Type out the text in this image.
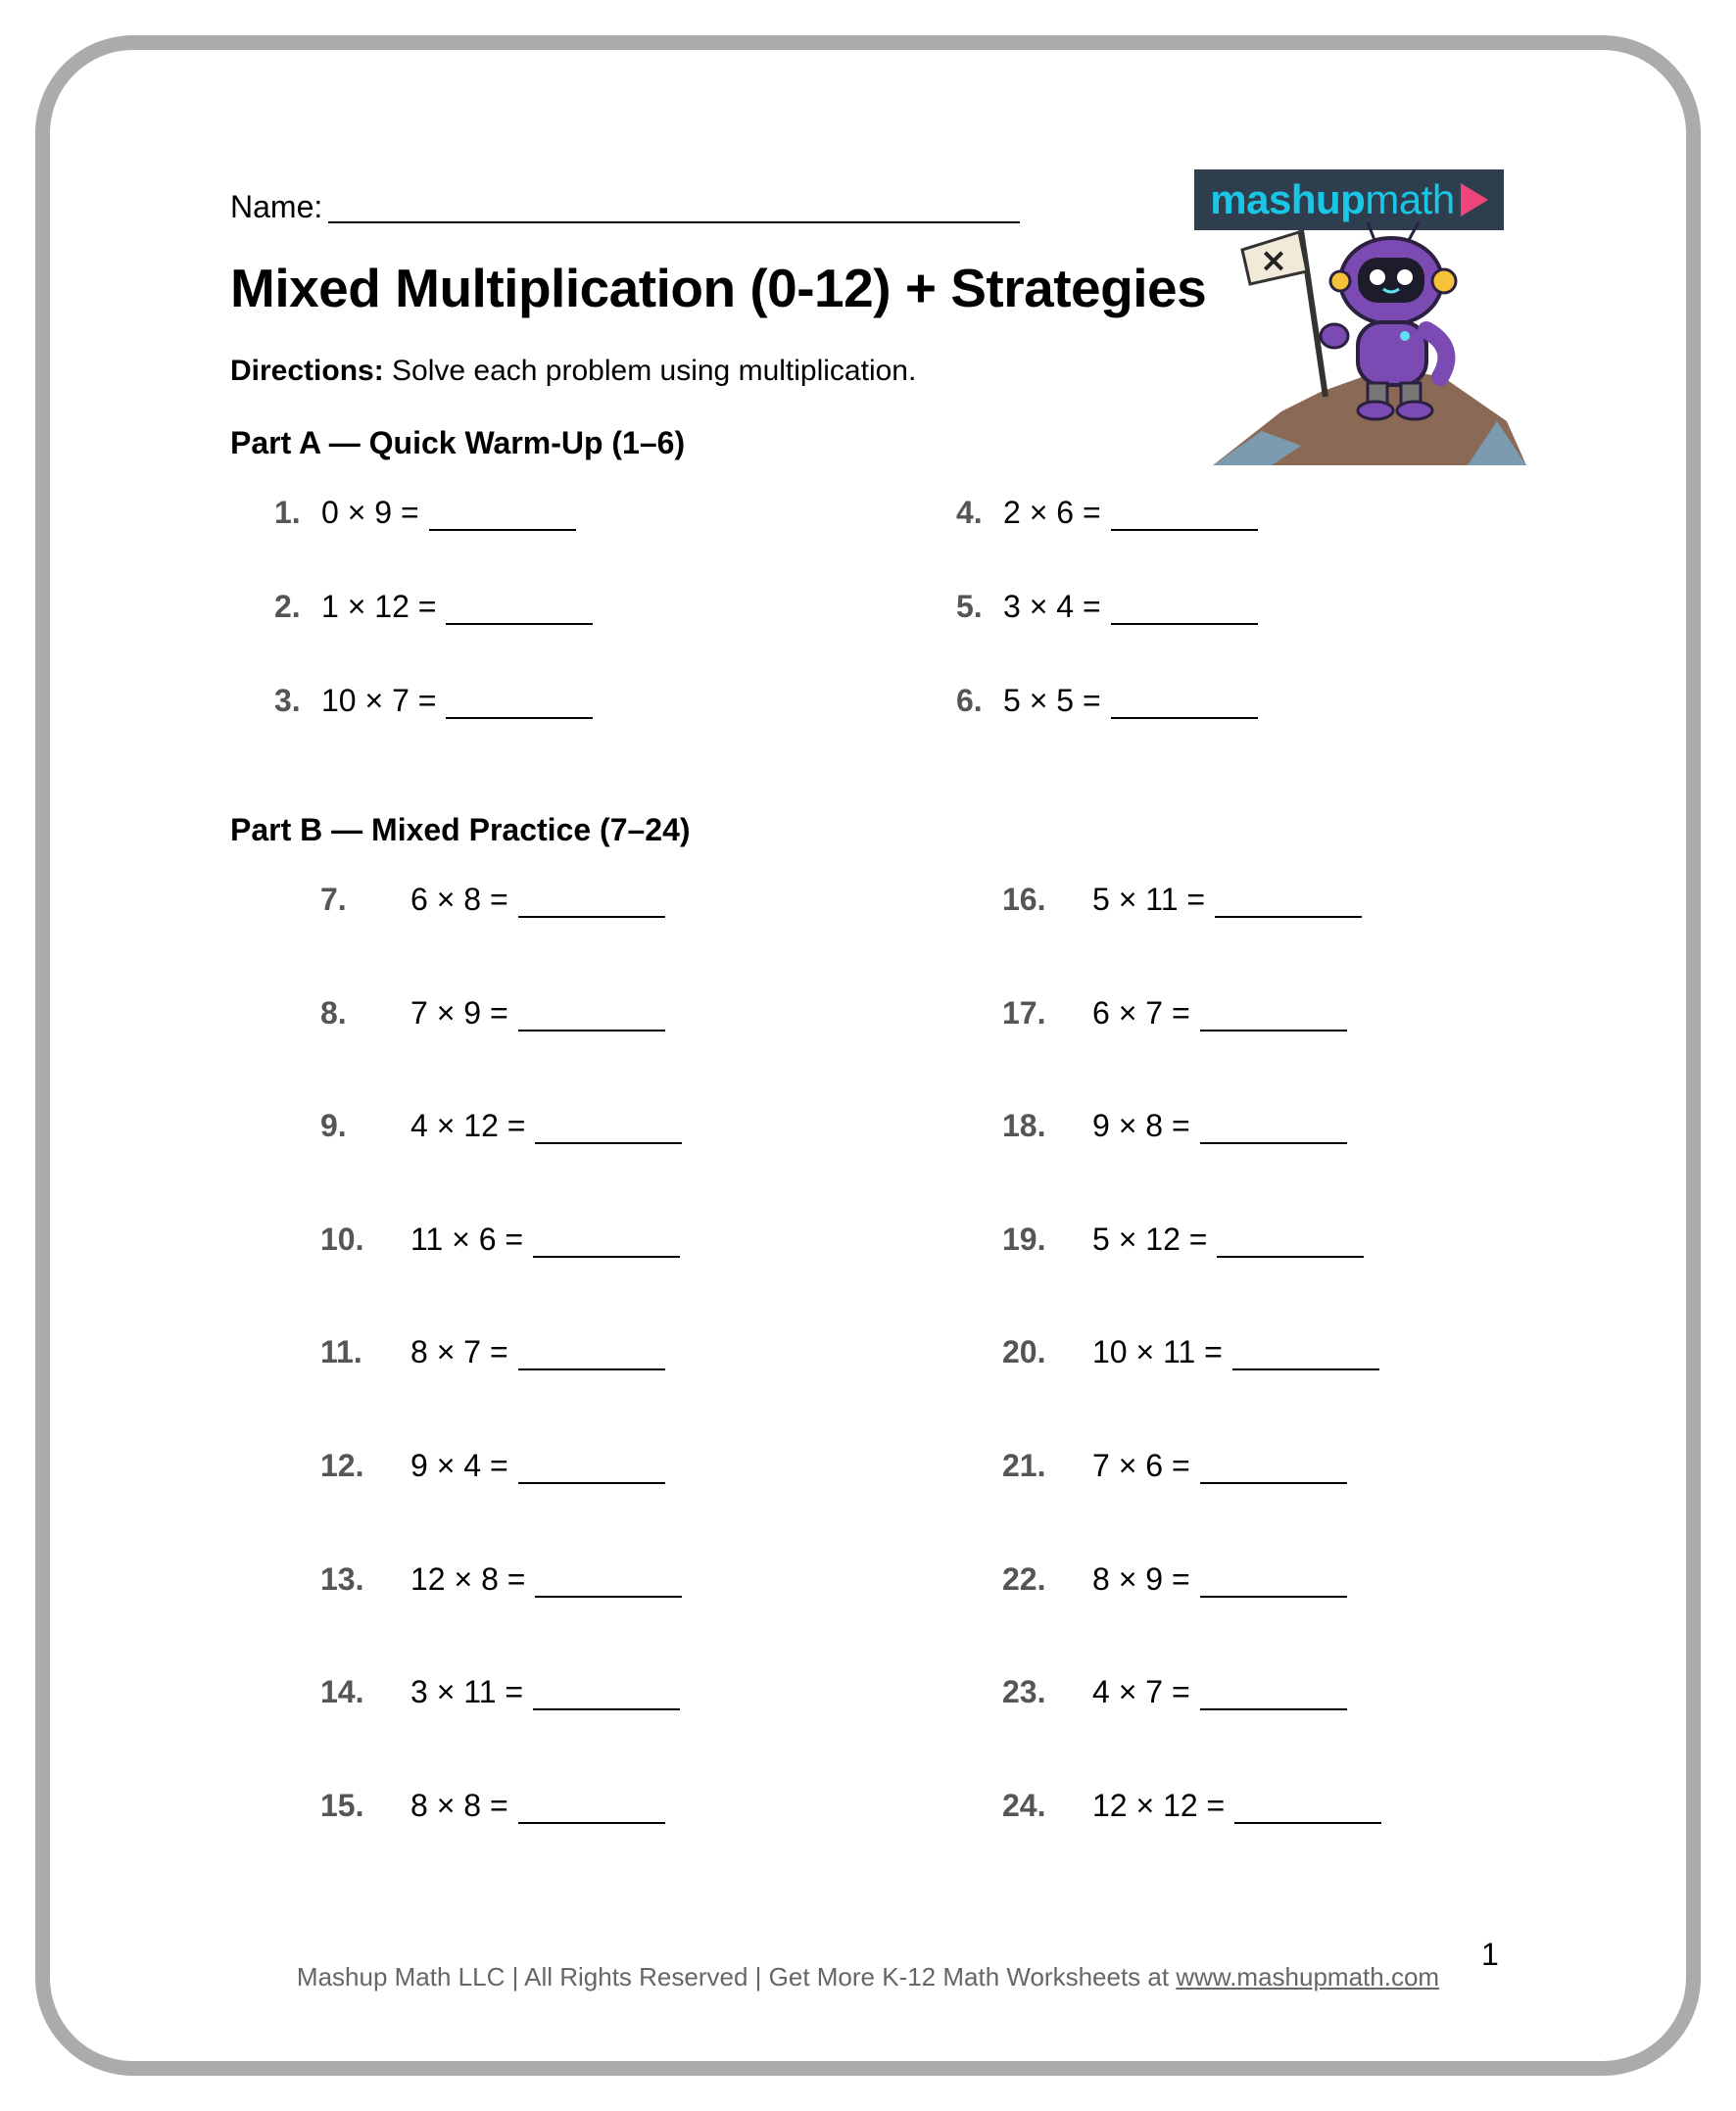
Name:	mashupmath
×
Mixed Multiplication (0-12) + Strategies
Directions: Solve each problem using multiplication.
Part A — Quick Warm-Up (1–6)
1. 0 × 9 =
2. 1 × 12 =
3. 10 × 7 =
4. 2 × 6 =
5. 3 × 4 =
6. 5 × 5 =
Part B — Mixed Practice (7–24)
7.	6 × 8 =
8.	7 × 9 =
9.	4 × 12 =
10.	11 × 6 =
11.	8 × 7 =
12.	9 × 4 =
13.	12 × 8 =
14.	3 × 11 =
15.	8 × 8 =
16.	5 × 11 =
17.	6 × 7 =
18.	9 × 8 =
19.	5 × 12 =
20.	10 × 11 =
21.	7 × 6 =
22.	8 × 9 =
23.	4 × 7 =
24.	12 × 12 =
1
Mashup Math LLC | All Rights Reserved | Get More K-12 Math Worksheets at www.mashupmath.com
